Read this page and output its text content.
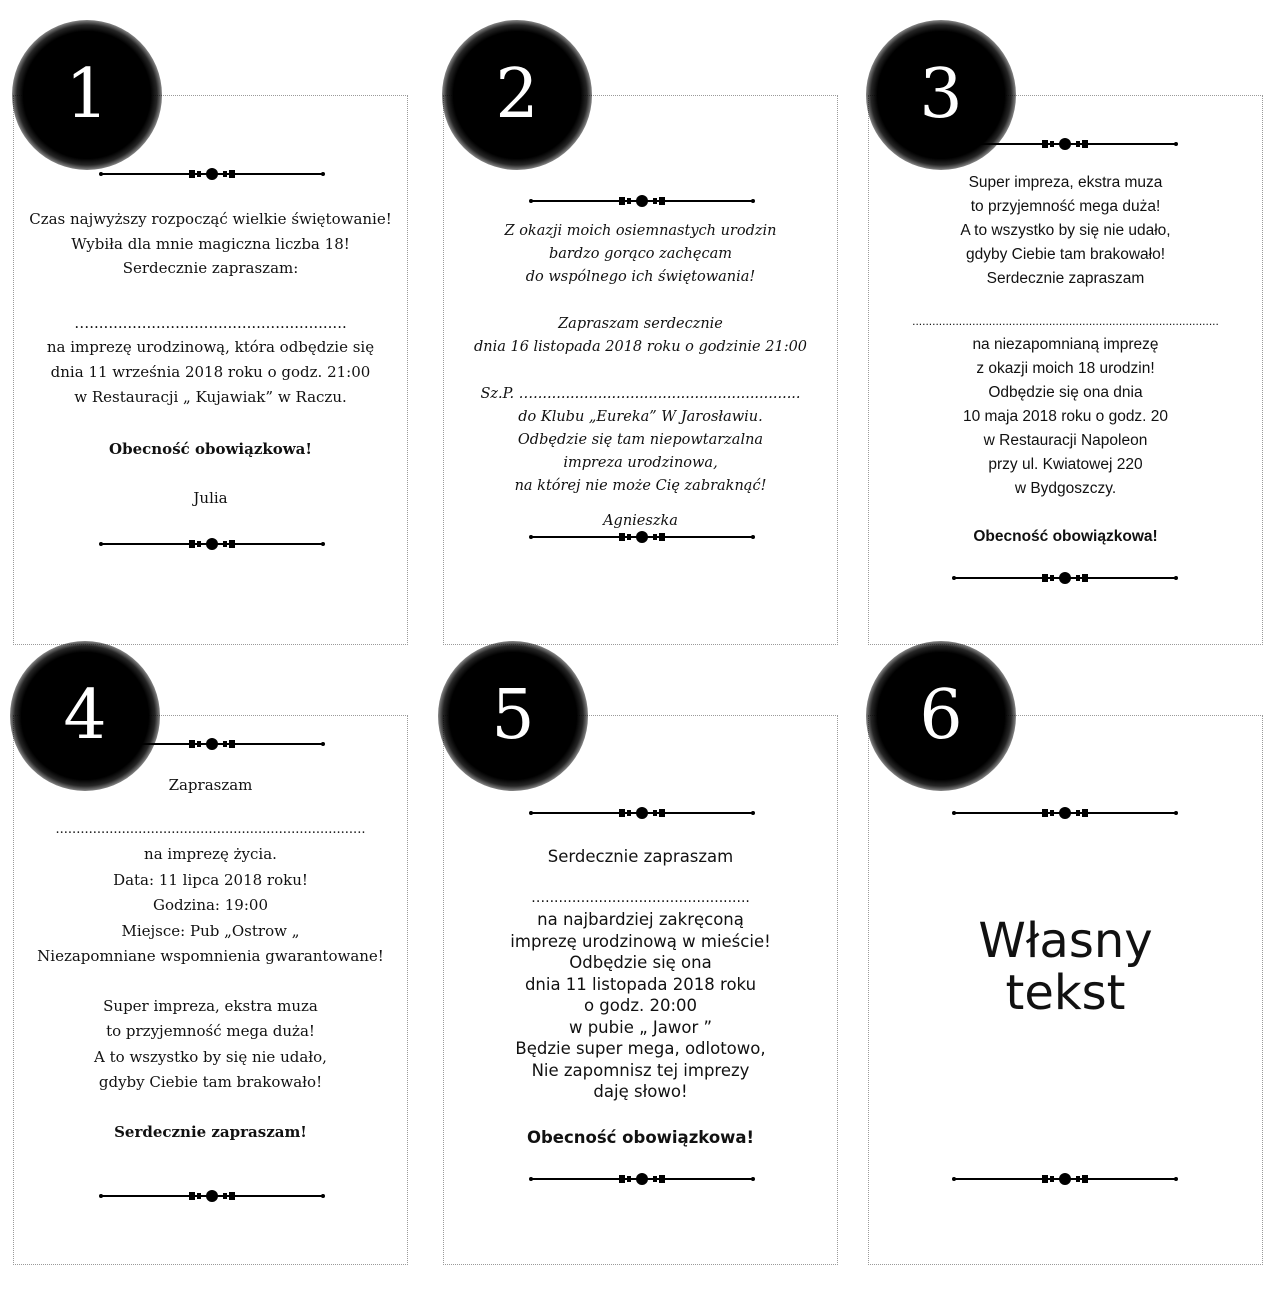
1
Czas najwyższy rozpocząć wielkie świętowanie!
Wybiła dla mnie magiczna liczba 18!
Serdecznie zapraszam:
…......................................................
na imprezę urodzinową, która odbędzie się
dnia 11 września 2018 roku o godz. 21:00
w Restauracji „ Kujawiak” w Raczu.
Obecność obowiązkowa!
Julia
2
Z okazji moich osiemnastych urodzin
bardzo gorąco zachęcam
do wspólnego ich świętowania!
Zapraszam serdecznie
dnia 16 listopada 2018 roku o godzinie 21:00
Sz.P. …..........................................................
do Klubu „Eureka” W Jarosławiu.
Odbędzie się tam niepowtarzalna
impreza urodzinowa,
na której nie może Cię zabraknąć!
Agnieszka
3
Super impreza, ekstra muza
to przyjemność mega duża!
A to wszystko by się nie udało,
gdyby Ciebie tam brakowało!
Serdecznie zapraszam
............................................................................................
na niezapomnianą imprezę
z okazji moich 18 urodzin!
Odbędzie się ona dnia
10 maja 2018 roku o godz. 20
w Restauracji Napoleon
przy ul. Kwiatowej 220
w Bydgoszczy.
Obecność obowiązkowa!
4
Zapraszam
...........................................................................
na imprezę życia.
Data: 11 lipca 2018 roku!
Godzina: 19:00
Miejsce: Pub „Ostrow „
Niezapomniane wspomnienia gwarantowane!
Super impreza, ekstra muza
to przyjemność mega duża!
A to wszystko by się nie udało,
gdyby Ciebie tam brakowało!
Serdecznie zapraszam!
5
Serdecznie zapraszam
…..............................................
na najbardziej zakręconą
imprezę urodzinową w mieście!
Odbędzie się ona
dnia 11 listopada 2018 roku
o godz. 20:00
w pubie „ Jawor ”
Będzie super mega, odlotowo,
Nie zapomnisz tej imprezy
daję słowo!
Obecność obowiązkowa!
6
Własny
tekst
